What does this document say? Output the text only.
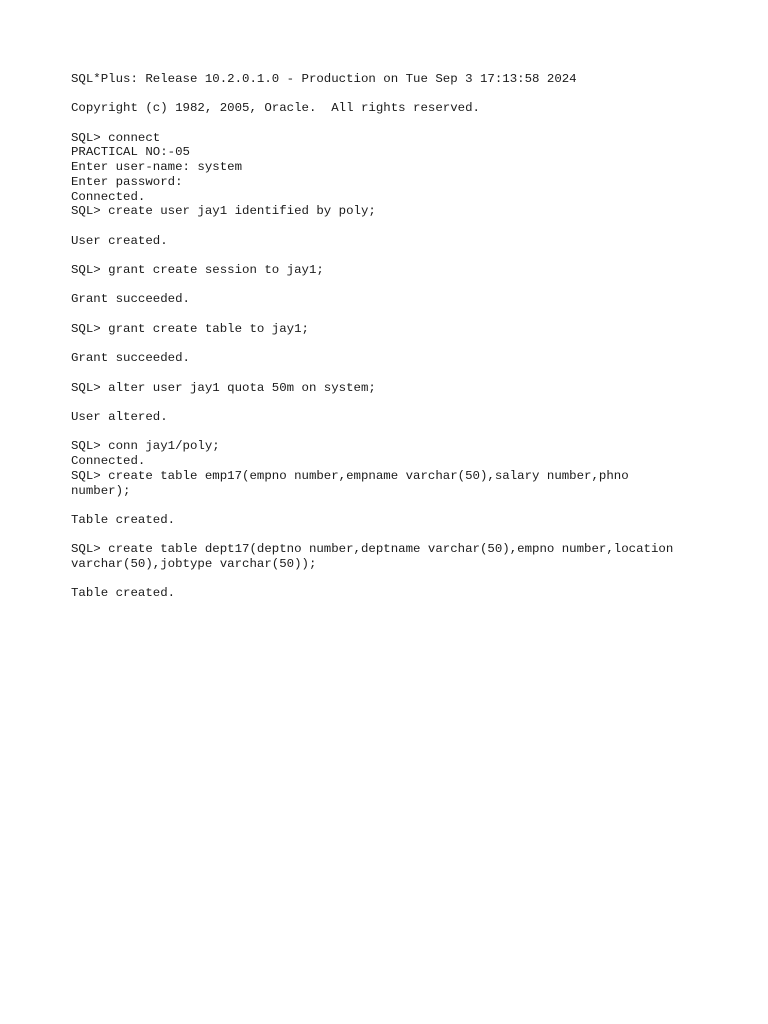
SQL*Plus: Release 10.2.0.1.0 - Production on Tue Sep 3 17:13:58 2024
Copyright (c) 1982, 2005, Oracle.  All rights reserved.
SQL> connect
PRACTICAL NO:-05
Enter user-name: system
Enter password:
Connected.
SQL> create user jay1 identified by poly;
User created.
SQL> grant create session to jay1;
Grant succeeded.
SQL> grant create table to jay1;
Grant succeeded.
SQL> alter user jay1 quota 50m on system;
User altered.
SQL> conn jay1/poly;
Connected.
SQL> create table emp17(empno number,empname varchar(50),salary number,phno
number);
Table created.
SQL> create table dept17(deptno number,deptname varchar(50),empno number,location
varchar(50),jobtype varchar(50));
Table created.
